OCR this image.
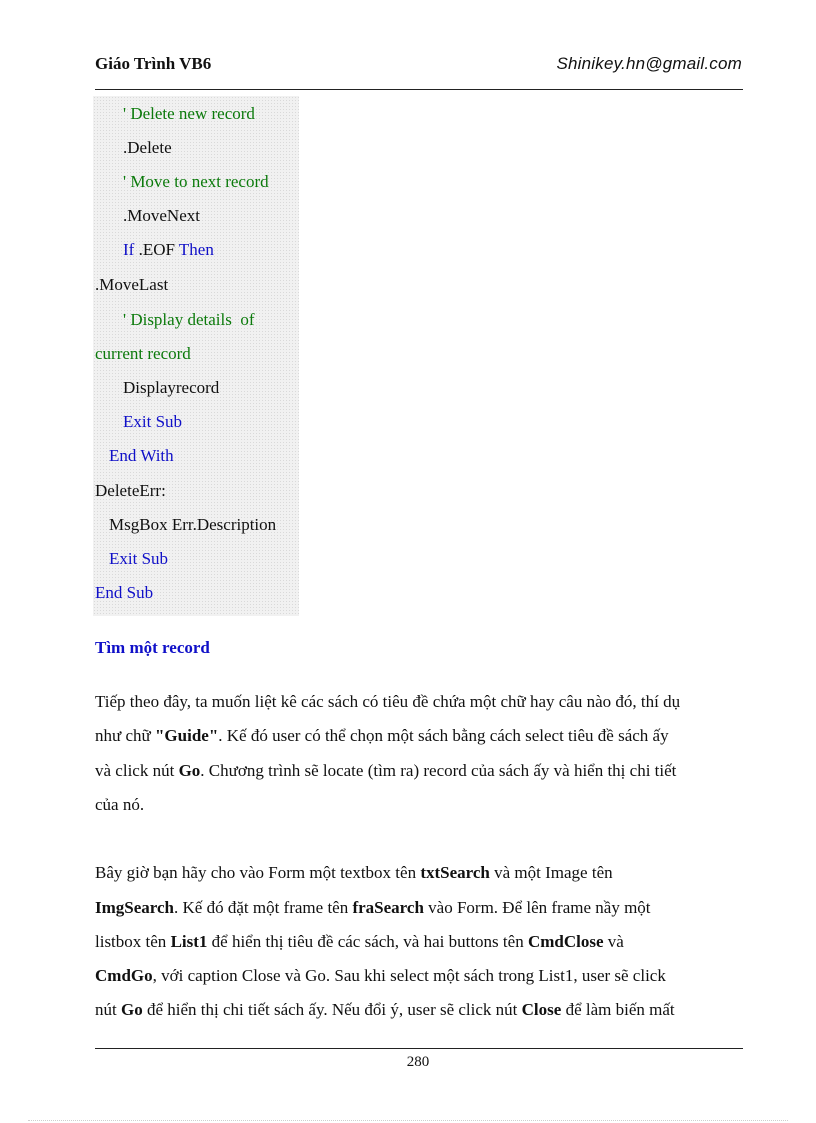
Giáo Trình VB6	Shinikey.hn@gmail.com
' Delete new record
.Delete
' Move to next record
.MoveNext
If .EOF Then
.MoveLast
' Display details  of
current record
Displayrecord
Exit Sub
End With
DeleteErr:
MsgBox Err.Description
Exit Sub
End Sub
Tìm một record
Tiếp theo đây, ta muốn liệt kê các sách có tiêu đề chứa một chữ hay câu nào đó, thí dụ
như chữ "Guide". Kế đó user có thể chọn một sách bằng cách select tiêu đề sách ấy
và click nút Go. Chương trình sẽ locate (tìm ra) record của sách ấy và hiển thị chi tiết
của nó.
Bây giờ bạn hãy cho vào Form một textbox tên txtSearch và một Image tên
ImgSearch. Kế đó đặt một frame tên fraSearch vào Form. Để lên frame nầy một
listbox tên List1 để hiển thị tiêu đề các sách, và hai buttons tên CmdClose và
CmdGo, với caption Close và Go. Sau khi select một sách trong List1, user sẽ click
nút Go để hiển thị chi tiết sách ấy. Nếu đổi ý, user sẽ click nút Close để làm biến mất
280
